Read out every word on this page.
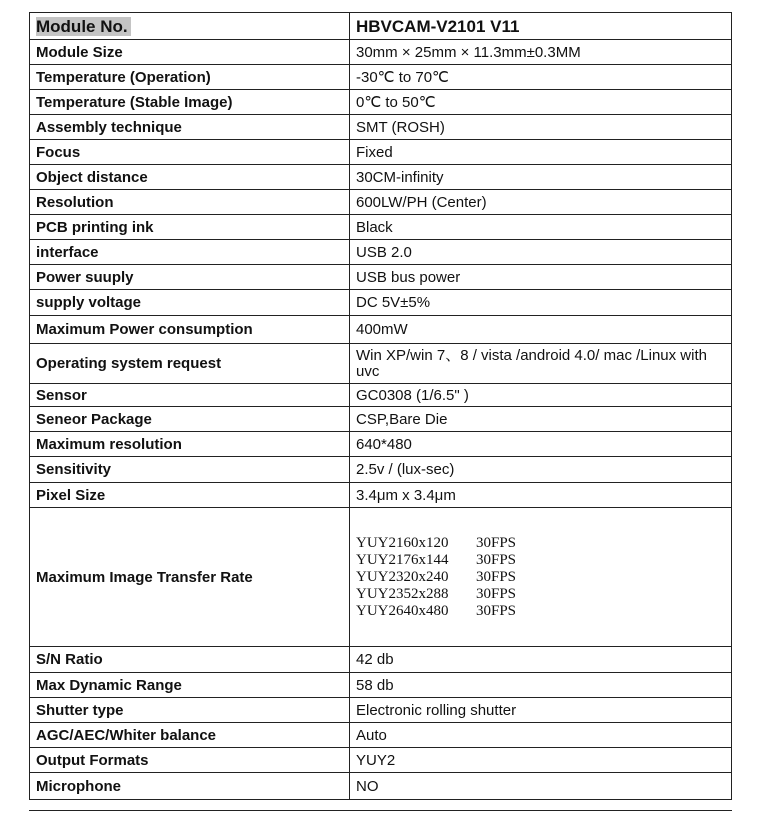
Module No.	HBVCAM-V2101 V11
Module Size	30mm × 25mm × 11.3mm±0.3MM
Temperature (Operation)	-30℃ to 70℃
Temperature (Stable Image)	0℃ to 50℃
Assembly technique	SMT (ROSH)
Focus	Fixed
Object distance	30CM-infinity
Resolution	600LW/PH (Center)
PCB printing ink	Black
interface	USB 2.0
Power suuply	USB bus power
supply voltage	DC 5V±5%
Maximum Power consumption	400mW
Operating system request	Win XP/win 7、8 / vista /android 4.0/ mac /Linux with uvc
Sensor	GC0308 (1/6.5" )
Seneor Package	CSP,Bare Die
Maximum resolution	640*480
Sensitivity	2.5v / (lux-sec)
Pixel Size	3.4μm x 3.4μm
Maximum Image Transfer Rate	YUY2160x120 30FPS
YUY2176x144 30FPS
YUY2320x240 30FPS
YUY2352x288 30FPS
YUY2640x480 30FPS

S/N Ratio	42 db
Max Dynamic Range	58 db
Shutter type	Electronic rolling shutter
AGC/AEC/Whiter balance	Auto
Output Formats	YUY2
Microphone	NO
